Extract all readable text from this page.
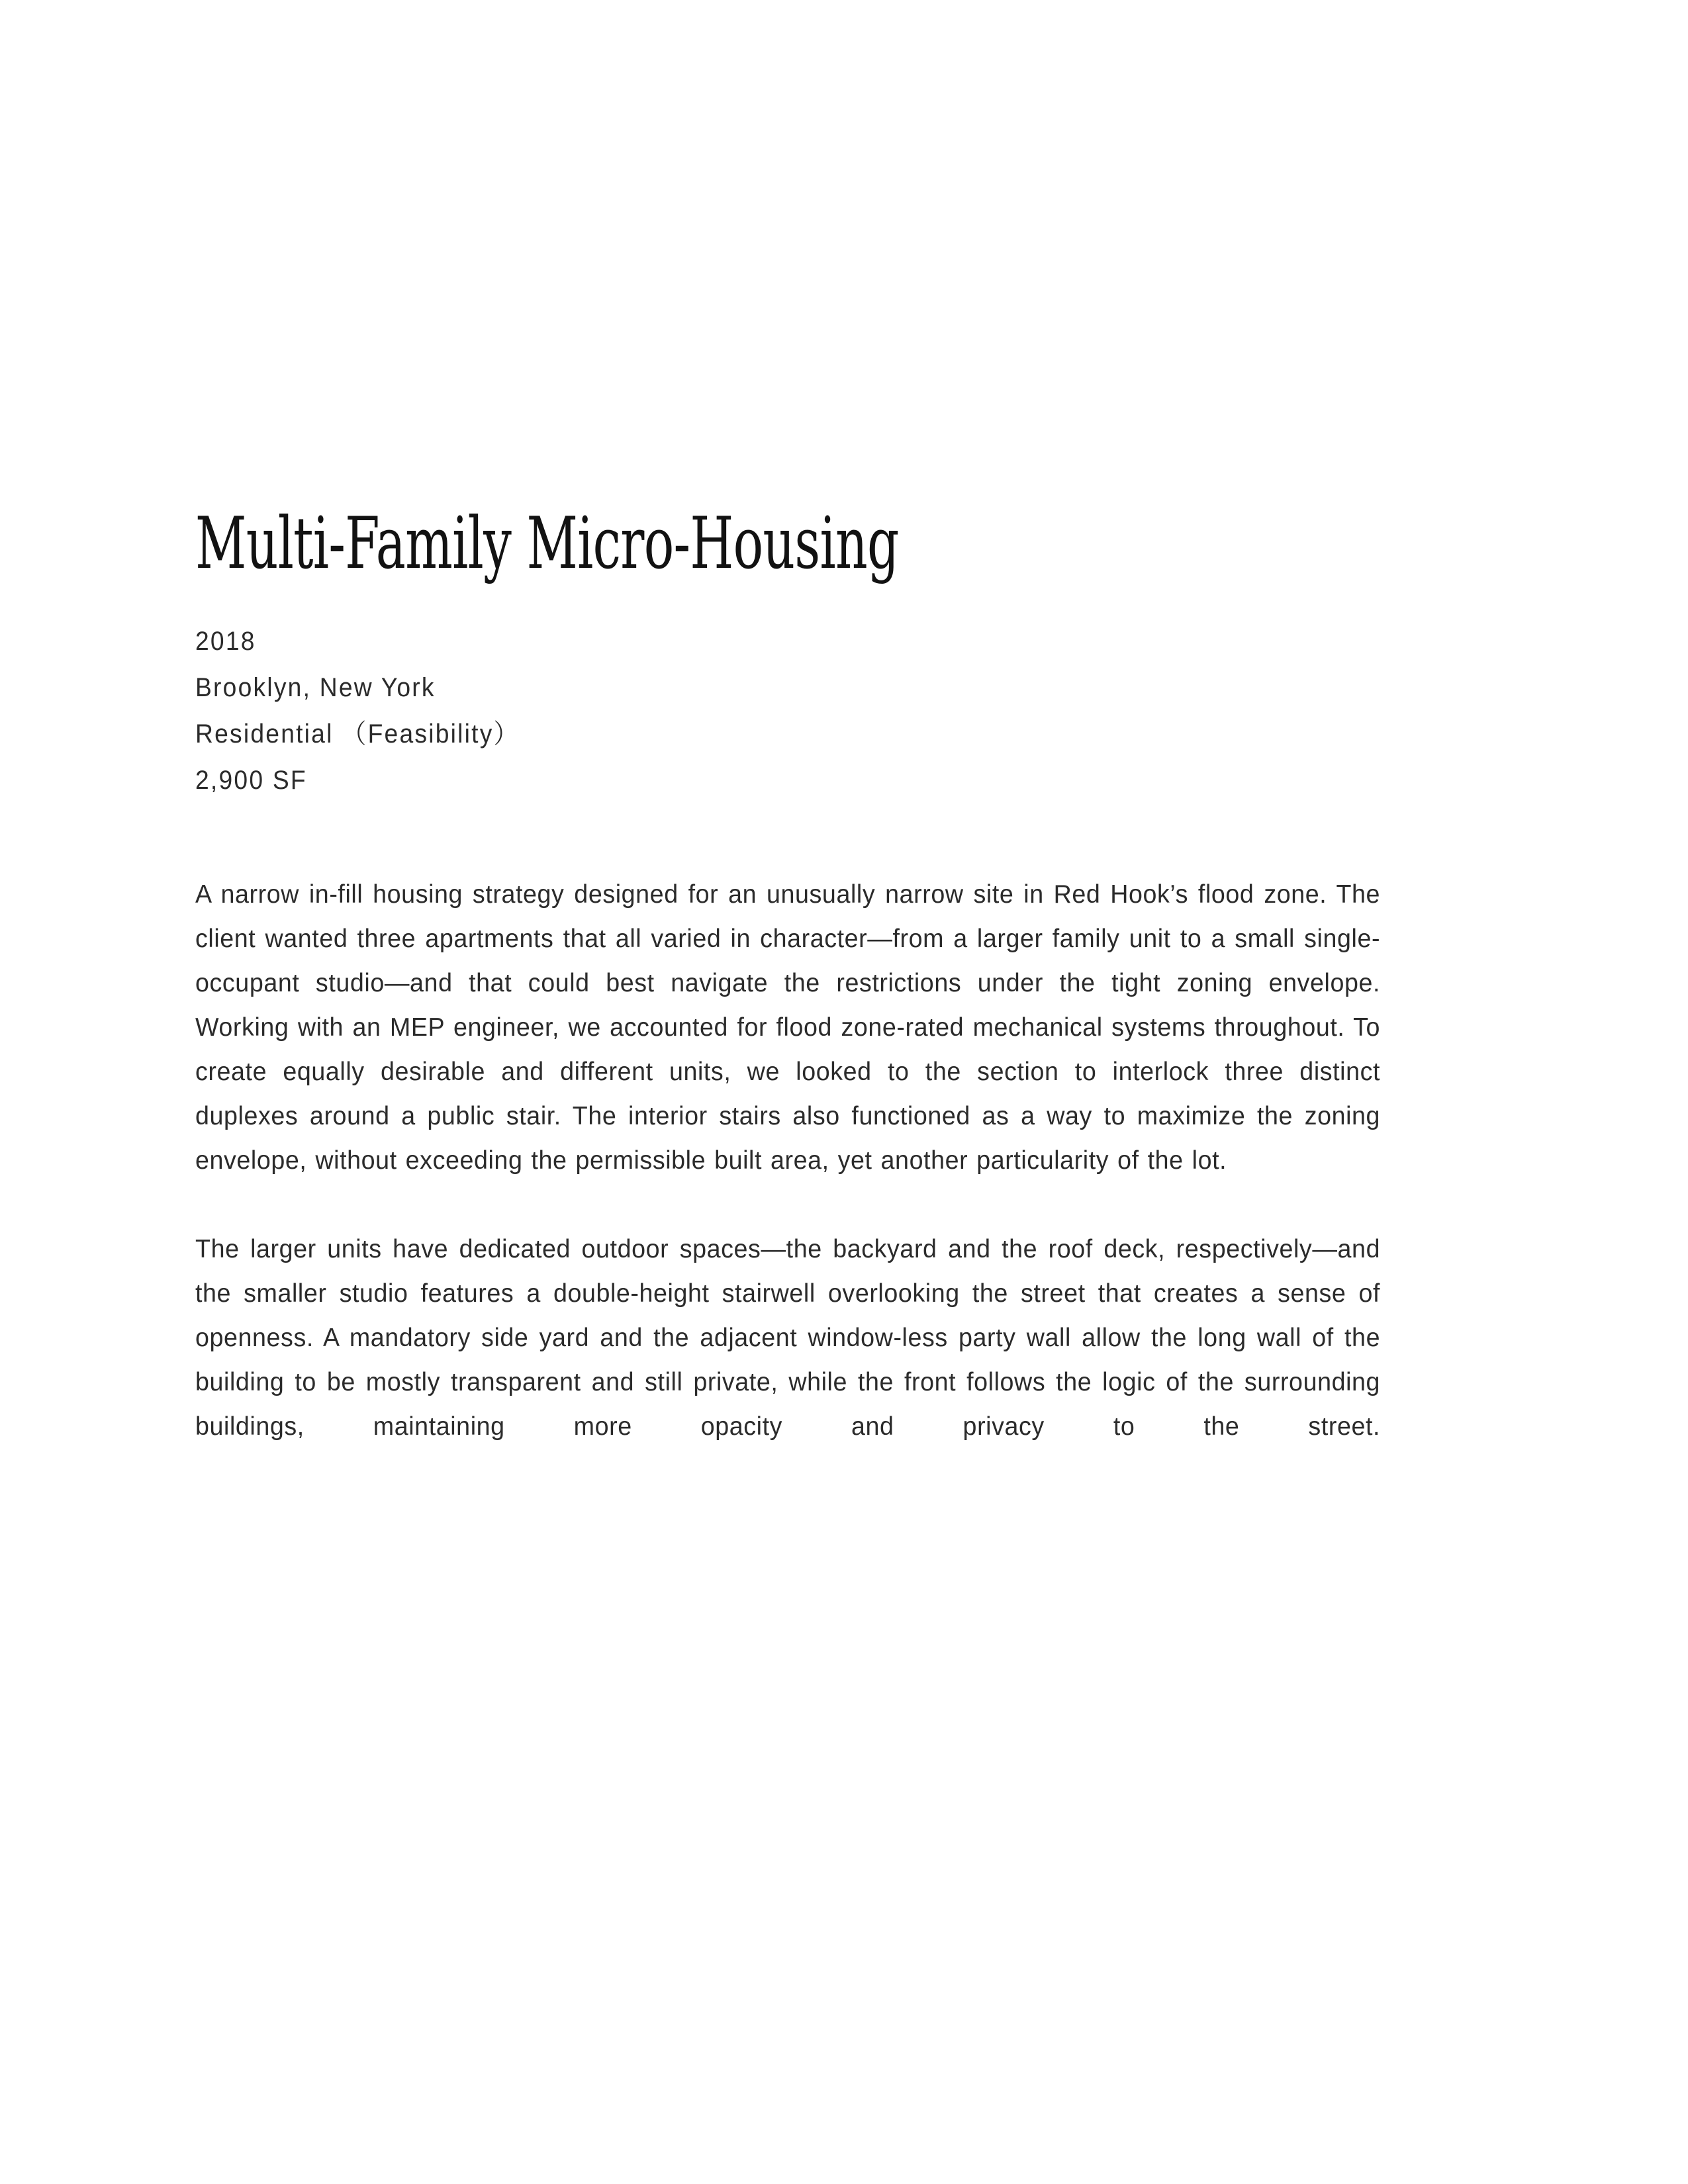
Multi-Family Micro-Housing
2018
Brooklyn, New York
Residential （Feasibility）
2,900 SF

A narrow in-fill housing strategy designed for an unusually narrow site in Red Hook’s flood zone. The client wanted three apartments that all varied in character—from a larger family unit to a small single-occupant studio—and that could best navigate the restrictions under the tight zoning envelope. Working with an MEP engineer, we accounted for flood zone-rated mechanical systems throughout. To create equally desirable and different units, we looked to the section to interlock three distinct duplexes around a public stair. The interior stairs also functioned as a way to maximize the zoning envelope, without exceeding the permissible built area, yet another particularity of the lot.

The larger units have dedicated outdoor spaces—the backyard and the roof deck, respectively—and the smaller studio features a double-height stairwell overlooking the street that creates a sense of openness. A mandatory side yard and the adjacent window-less party wall allow the long wall of the building to be mostly transparent and still private, while the front follows the logic of the surrounding buildings, maintaining more opacity and privacy to the street.
